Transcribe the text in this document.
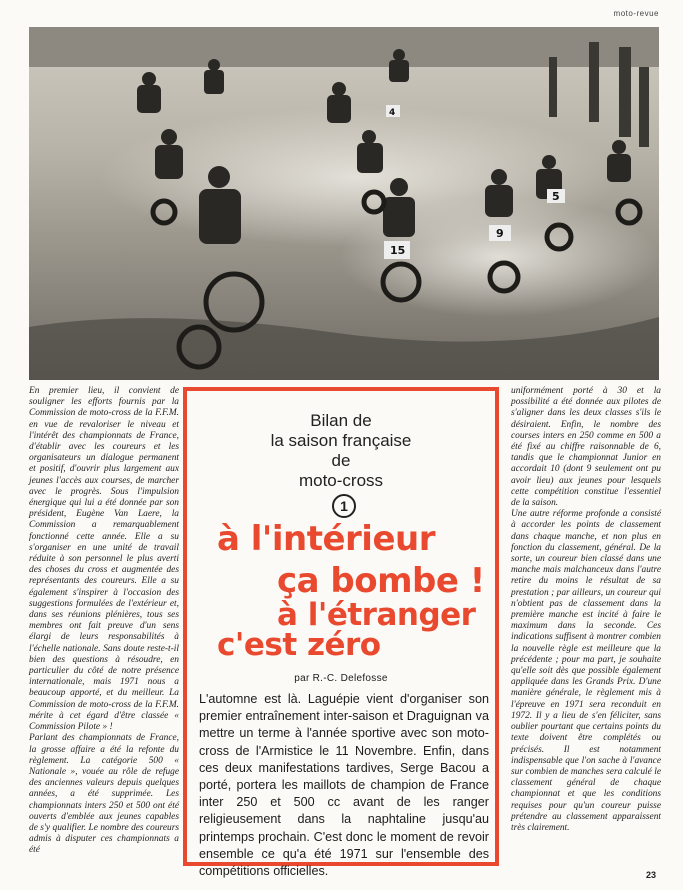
moto-revue
15
9
5
4

En premier lieu, il convient de souligner les efforts fournis par la Commission de moto-cross de la F.F.M. en vue de revaloriser le niveau et l'intérêt des championnats de France, d'établir avec les coureurs et les organisateurs un dialogue permanent et positif, d'ouvrir plus largement aux jeunes l'accès aux courses, de marcher avec le progrès. Sous l'impulsion énergique qui lui a été donnée par son président, Eugène Van Laere, la Commission a remarquablement fonctionné cette année. Elle a su s'organiser en une unité de travail réduite à son personnel le plus averti des choses du cross et augmentée des représentants des coureurs. Elle a su également s'inspirer à l'occasion des suggestions formulées de l'extérieur et, dans ses réunions plénières, tous ses membres ont fait preuve d'un sens élargi de leurs responsabilités à l'échelle nationale. Sans doute reste-t-il bien des questions à résoudre, en particulier du côté de notre présence internationale, mais 1971 nous a beaucoup apporté, et du meilleur. La Commission de moto-cross de la F.F.M. mérite à cet égard d'être classée « Commission Pilote » !

Parlant des championnats de France, la grosse affaire a été la refonte du règlement. La catégorie 500 « Nationale », vouée au rôle de refuge des anciennes valeurs depuis quelques années, a été supprimée. Les championnats inters 250 et 500 ont été ouverts d'emblée aux jeunes capables de s'y qualifier. Le nombre des coureurs admis à disputer ces championnats a été

Bilan de
la saison française
de
moto-cross
1
à l'intérieur
ça bombe !
à l'étranger
c'est zéro
par R.-C. Delefosse
L'automne est là. Laguépie vient d'organiser son premier entraînement inter-saison et Draguignan va mettre un terme à l'année sportive avec son moto-cross de l'Armistice le 11 Novembre. Enfin, dans ces deux manifestations tardives, Serge Bacou a porté, portera les maillots de champion de France inter 250 et 500 cc avant de les ranger religieusement dans la naphtaline jusqu'au printemps prochain. C'est donc le moment de revoir ensemble ce qu'a été 1971 sur l'ensemble des compétitions officielles.

uniformément porté à 30 et la possibilité a été donnée aux pilotes de s'aligner dans les deux classes s'ils le désiraient. Enfin, le nombre des courses inters en 250 comme en 500 a été fixé au chiffre raisonnable de 6, tandis que le championnat Junior en accordait 10 (dont 9 seulement ont pu avoir lieu) aux jeunes pour lesquels cette compétition constitue l'essentiel de la saison.

Une autre réforme profonde a consisté à accorder les points de classement dans chaque manche, et non plus en fonction du classement, général. De la sorte, un coureur bien classé dans une manche mais malchanceux dans l'autre retire du moins le résultat de sa prestation ; par ailleurs, un coureur qui n'obtient pas de classement dans la première manche est incité à faire le maximum dans la seconde. Ces indications suffisent à montrer combien la nouvelle règle est meilleure que la précédente ; pour ma part, je souhaite qu'elle soit dès que possible également appliquée dans les Grands Prix. D'une manière générale, le règlement mis à l'épreuve en 1971 sera reconduit en 1972. Il y a lieu de s'en féliciter, sans oublier pourtant que certains points du texte doivent être complétés ou précisés. Il est notamment indispensable que l'on sache à l'avance sur combien de manches sera calculé le classement général de chaque championnat et que les conditions requises pour qu'un coureur puisse prétendre au classement apparaissent très clairement.

23
